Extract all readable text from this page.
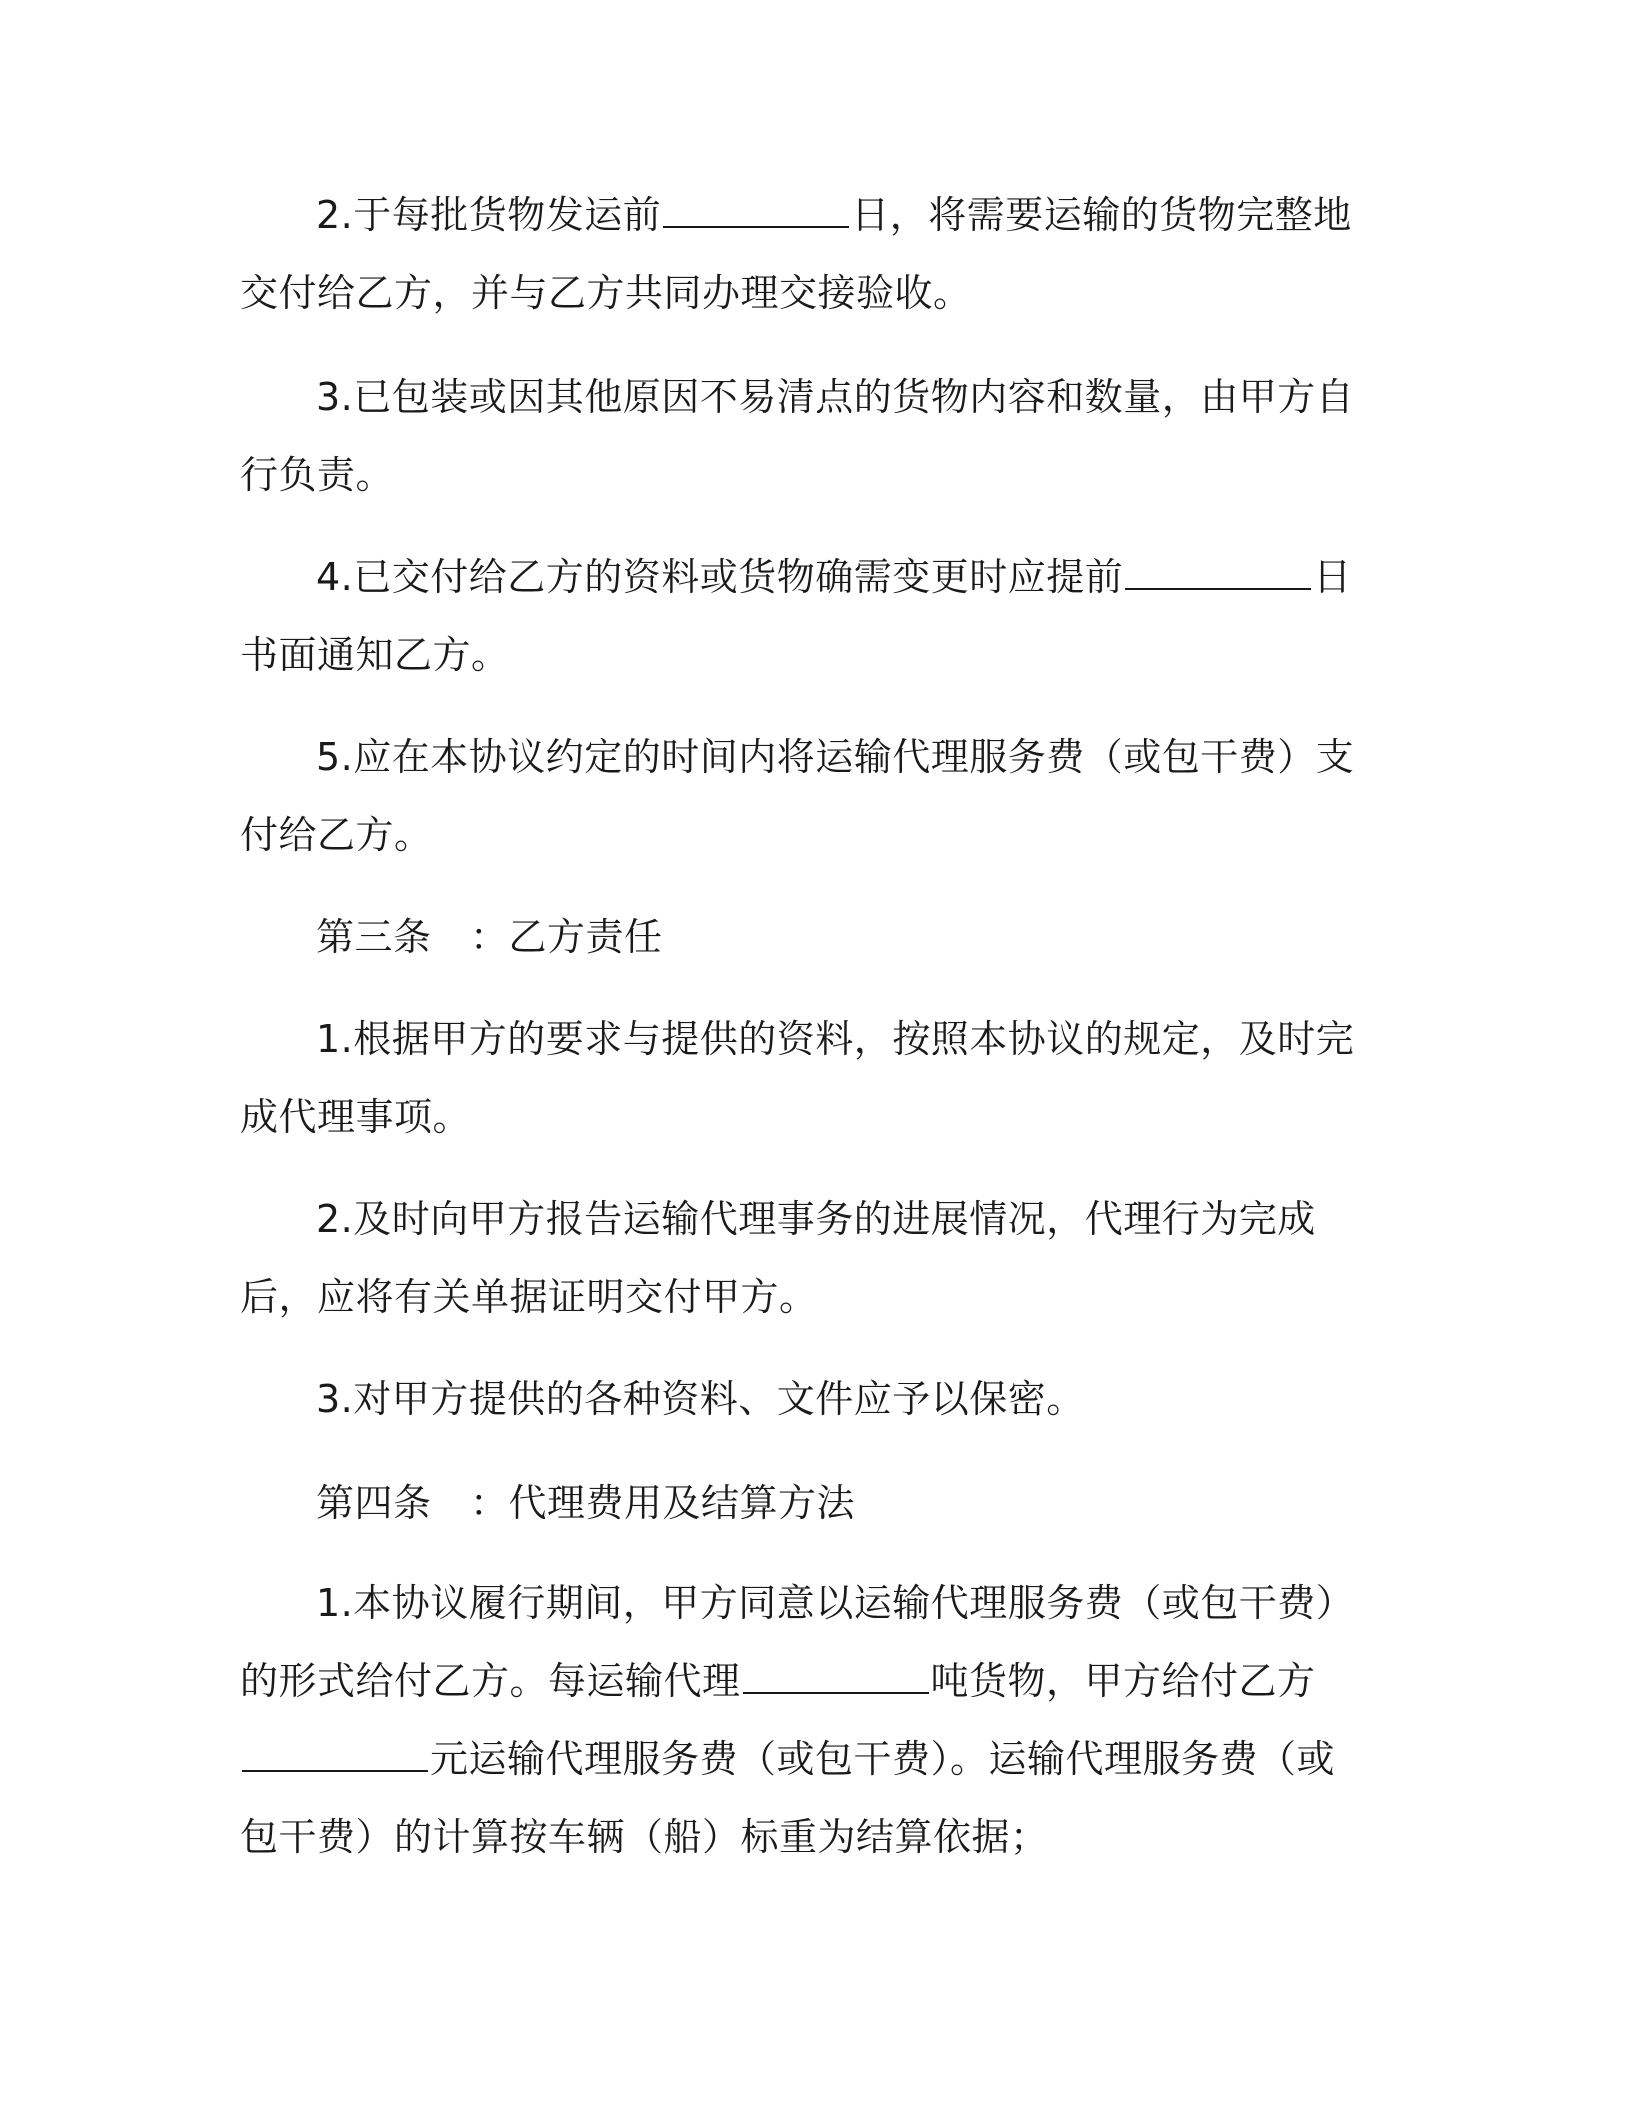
2.于每批货物发运前	日，将需要运输的货物完整地交付给乙方，并与乙方共同办理交接验收。

3.已包装或因其他原因不易清点的货物内容和数量，由甲方自行负责。

4.已交付给乙方的资料或货物确需变更时应提前	日书面通知乙方。

5.应在本协议约定的时间内将运输代理服务费（或包干费）支付给乙方。

第三条　：乙方责任

1.根据甲方的要求与提供的资料，按照本协议的规定，及时完成代理事项。

2.及时向甲方报告运输代理事务的进展情况，代理行为完成后，应将有关单据证明交付甲方。

3.对甲方提供的各种资料、文件应予以保密。

第四条　：代理费用及结算方法

1.本协议履行期间，甲方同意以运输代理服务费（或包干费）的形式给付乙方。每运输代理	吨货物，甲方给付乙方元运输代理服务费（或包干费）。运输代理服务费（或包干费）的计算按车辆（船）标重为结算依据；
